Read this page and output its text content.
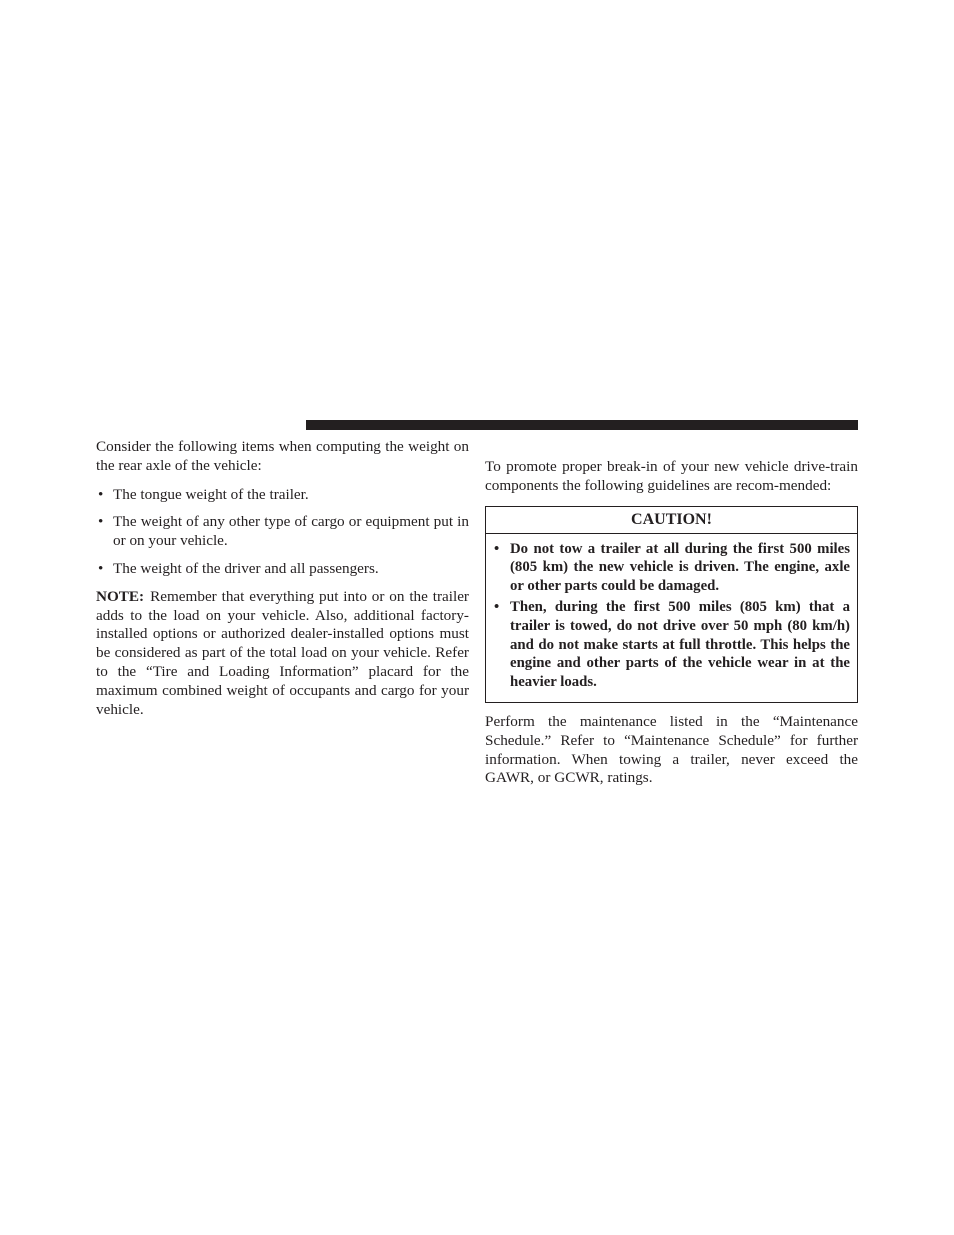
Consider the following items when computing the weight on the rear axle of the vehicle:

• The tongue weight of the trailer.
• The weight of any other type of cargo or equipment put in or on your vehicle.
• The weight of the driver and all passengers.

NOTE: Remember that everything put into or on the trailer adds to the load on your vehicle. Also, additional factory-installed options or authorized dealer-installed options must be considered as part of the total load on your vehicle. Refer to the “Tire and Loading Information” placard for the maximum combined weight of occupants and cargo for your vehicle.

To promote proper break-in of your new vehicle drive-train components the following guidelines are recom-mended:

CAUTION!
• Do not tow a trailer at all during the first 500 miles (805 km) the new vehicle is driven. The engine, axle or other parts could be damaged.
• Then, during the first 500 miles (805 km) that a trailer is towed, do not drive over 50 mph (80 km/h) and do not make starts at full throttle. This helps the engine and other parts of the vehicle wear in at the heavier loads.

Perform the maintenance listed in the “Maintenance Schedule.” Refer to “Maintenance Schedule” for further information. When towing a trailer, never exceed the GAWR, or GCWR, ratings.
